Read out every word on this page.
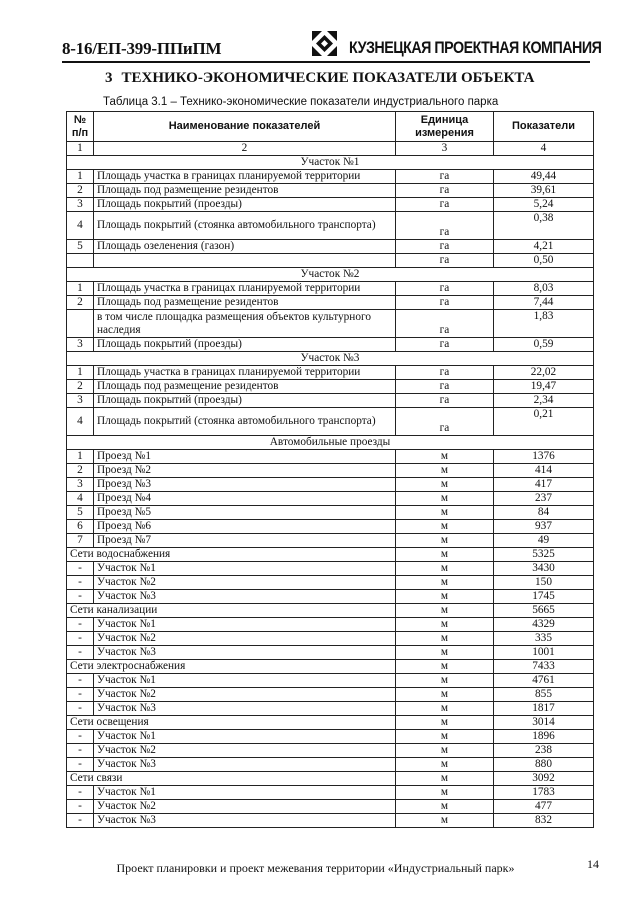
8-16/ЕП-399-ППиПМ	КУЗНЕЦКАЯ ПРОЕКТНАЯ КОМПАНИЯ
3 ТЕХНИКО-ЭКОНОМИЧЕСКИЕ ПОКАЗАТЕЛИ ОБЪЕКТА
Таблица 3.1 – Технико-экономические показатели индустриального парка
№ п/п	Наименование показателей	Единица измерения	Показатели
1	2	3	4
Участок №1			
1	Площадь участка в границах планируемой территории	га	49,44
2	Площадь под размещение резидентов	га	39,61
3	Площадь покрытий (проезды)	га	5,24
4	Площадь покрытий (стоянка автомобильного транспорта)	га	0,38
5	Площадь озеленения (газон)	га	4,21
		га	0,50
Участок №2			
1	Площадь участка в границах планируемой территории	га	8,03
2	Площадь под размещение резидентов	га	7,44
	в том числе площадка размещения объектов культурного наследия	га	1,83
3	Площадь покрытий (проезды)	га	0,59
Участок №3			
1	Площадь участка в границах планируемой территории	га	22,02
2	Площадь под размещение резидентов	га	19,47
3	Площадь покрытий (проезды)	га	2,34
4	Площадь покрытий (стоянка автомобильного транспорта)	га	0,21
Автомобильные проезды			
1	Проезд №1	м	1376
2	Проезд №2	м	414
3	Проезд №3	м	417
4	Проезд №4	м	237
5	Проезд №5	м	84
6	Проезд №6	м	937
7	Проезд №7	м	49
Сети водоснабжения		м	5325
-	Участок №1	м	3430
-	Участок №2	м	150
-	Участок №3	м	1745
Сети канализации		м	5665
-	Участок №1	м	4329
-	Участок №2	м	335
-	Участок №3	м	1001
Сети электроснабжения		м	7433
-	Участок №1	м	4761
-	Участок №2	м	855
-	Участок №3	м	1817
Сети освещения		м	3014
-	Участок №1	м	1896
-	Участок №2	м	238
-	Участок №3	м	880
Сети связи		м	3092
-	Участок №1	м	1783
-	Участок №2	м	477
-	Участок №3	м	832
Проект планировки и проект межевания территории «Индустриальный парк»	14
